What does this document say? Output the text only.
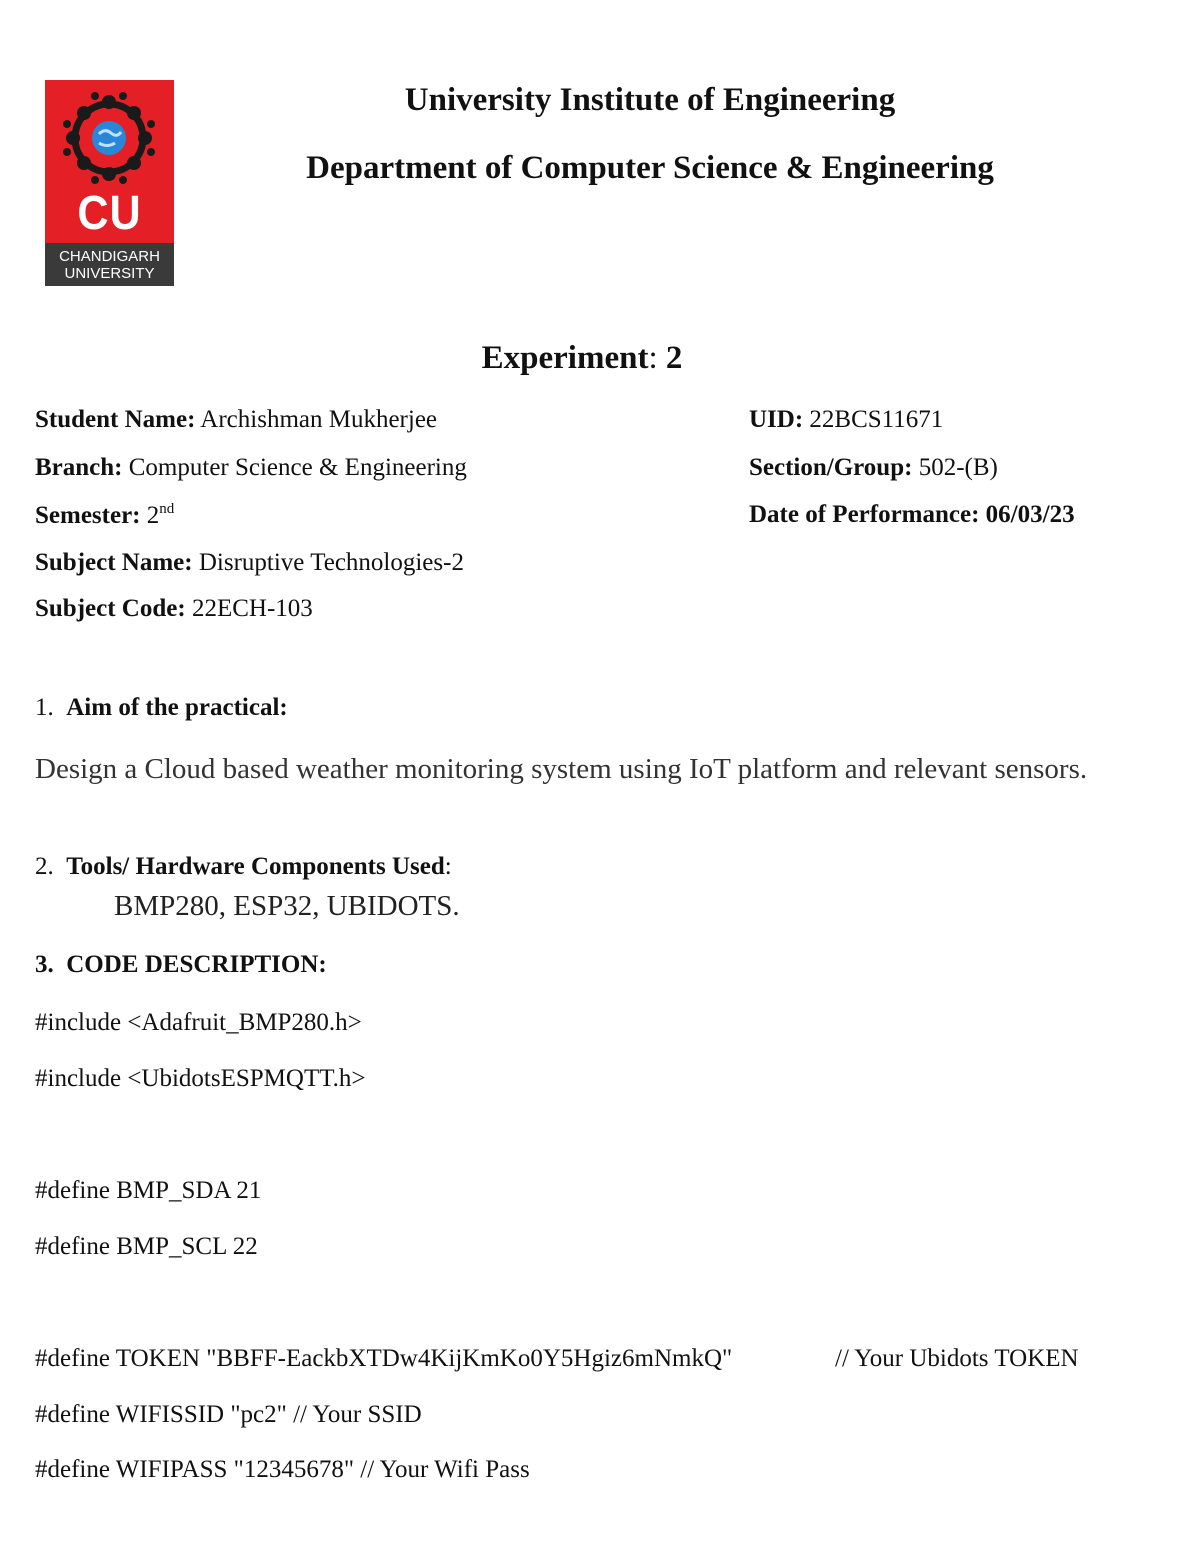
CU
CHANDIGARH
UNIVERSITY
University Institute of Engineering
Department of Computer Science & Engineering
Experiment: 2
Student Name: Archishman Mukherjee
Branch: Computer Science & Engineering
Semester: 2nd
Subject Name: Disruptive Technologies-2
Subject Code: 22ECH-103
UID: 22BCS11671
Section/Group: 502-(B)
Date of Performance: 06/03/23
1. Aim of the practical:
Design a Cloud based weather monitoring system using IoT platform and relevant sensors.
2. Tools/ Hardware Components Used:
BMP280, ESP32, UBIDOTS.
3. CODE DESCRIPTION:
#include <Adafruit_BMP280.h>
#include <UbidotsESPMQTT.h>
#define BMP_SDA 21
#define BMP_SCL 22
#define TOKEN "BBFF-EackbXTDw4KijKmKo0Y5Hgiz6mNmkQ"	// Your Ubidots TOKEN
#define WIFISSID "pc2" // Your SSID
#define WIFIPASS "12345678" // Your Wifi Pass
